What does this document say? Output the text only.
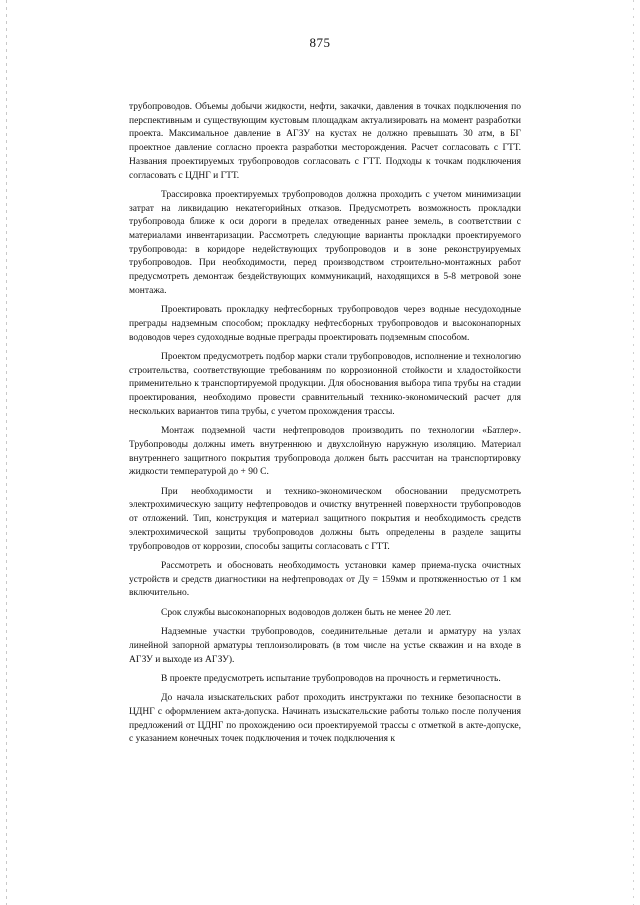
875

трубопроводов. Объемы добычи жидкости, нефти, закачки, давления в точках подключения по перспективным и существующим кустовым площадкам актуализировать на момент разработки проекта. Максимальное давление в АГЗУ на кустах не должно превышать 30 атм, в БГ проектное давление согласно проекта разработки месторождения. Расчет согласовать с ГТТ. Названия проектируемых трубопроводов согласовать с ГТТ. Подходы к точкам подключения согласовать с ЦДНГ и ГТТ.

Трассировка проектируемых трубопроводов должна проходить с учетом минимизации затрат на ликвидацию некатегорийных отказов. Предусмотреть возможность прокладки трубопровода ближе к оси дороги в пределах отведенных ранее земель, в соответствии с материалами инвентаризации. Рассмотреть следующие варианты прокладки проектируемого трубопровода: в коридоре недействующих трубопроводов и в зоне реконструируемых трубопроводов. При необходимости, перед производством строительно-монтажных работ предусмотреть демонтаж бездействующих коммуникаций, находящихся в 5-8 метровой зоне монтажа.

Проектировать прокладку нефтесборных трубопроводов через водные несудоходные преграды надземным способом; прокладку нефтесборных трубопроводов и высоконапорных водоводов через судоходные водные преграды проектировать подземным способом.

Проектом предусмотреть подбор марки стали трубопроводов, исполнение и технологию строительства, соответствующие требованиям по коррозионной стойкости и хладостойкости применительно к транспортируемой продукции. Для обоснования выбора типа трубы на стадии проектирования, необходимо провести сравнительный технико-экономический расчет для нескольких вариантов типа трубы, с учетом прохождения трассы.

Монтаж подземной части нефтепроводов производить по технологии «Батлер». Трубопроводы должны иметь внутреннюю и двухслойную наружную изоляцию. Материал внутреннего защитного покрытия трубопровода должен быть рассчитан на транспортировку жидкости температурой до + 90 С.

При необходимости и технико-экономическом обосновании предусмотреть электрохимическую защиту нефтепроводов и очистку внутренней поверхности трубопроводов от отложений. Тип, конструкция и материал защитного покрытия и необходимость средств электрохимической защиты трубопроводов должны быть определены в разделе защиты трубопроводов от коррозии, способы защиты согласовать с ГТТ.

Рассмотреть и обосновать необходимость установки камер приема-пуска очистных устройств и средств диагностики на нефтепроводах от Ду = 159мм и протяженностью от 1 км включительно.

Срок службы высоконапорных водоводов должен быть не менее 20 лет.

Надземные участки трубопроводов, соединительные детали и арматуру на узлах линейной запорной арматуры теплоизолировать (в том числе на устье скважин и на входе в АГЗУ и выходе из АГЗУ).

В проекте предусмотреть испытание трубопроводов на прочность и герметичность.

До начала изыскательских работ проходить инструктажи по технике безопасности в ЦДНГ с оформлением акта-допуска. Начинать изыскательские работы только после получения предложений от ЦДНГ по прохождению оси проектируемой трассы с отметкой в акте-допуске, с указанием конечных точек подключения и точек подключения к
